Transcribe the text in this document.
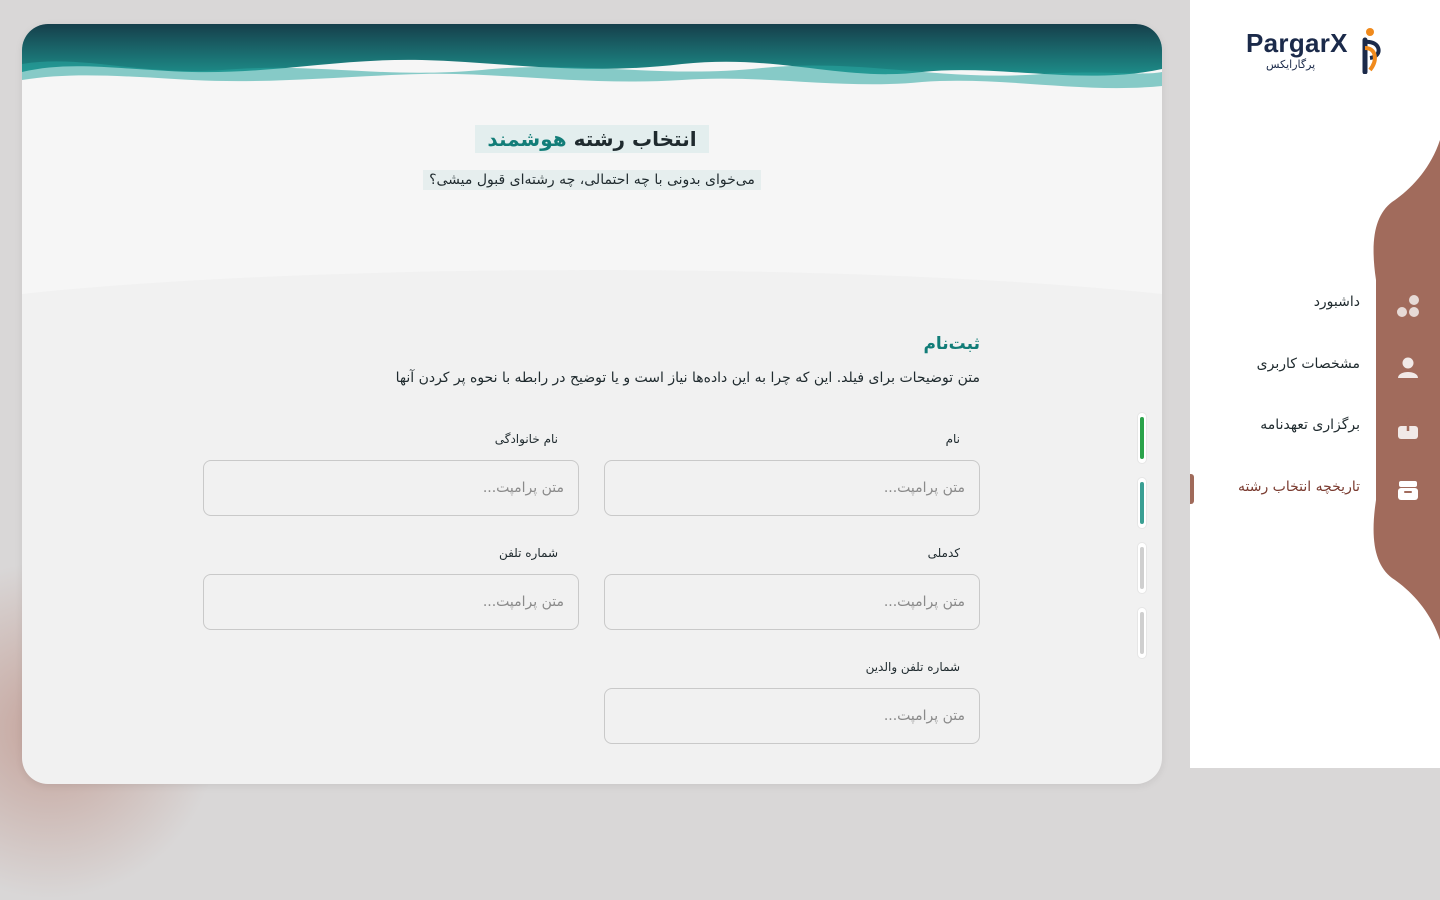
انتخاب رشته هوشمند
می‌خوای بدونی با چه احتمالی، چه رشته‌ای قبول میشی؟
ثبت‌نام
متن توضیحات برای فیلد. این که چرا به این داده‌ها نیاز است و یا توضیح در رابطه با نحوه پر کردن آنها
نام
متن پرامپت...
نام خانوادگی
متن پرامپت...
کدملی
متن پرامپت...
شماره تلفن
متن پرامپت...
شماره تلفن والدین
متن پرامپت...
PargarX
پرگارایکس
داشبورد
مشخصات کاربری
برگزاری تعهدنامه
تاریخچه انتخاب رشته
